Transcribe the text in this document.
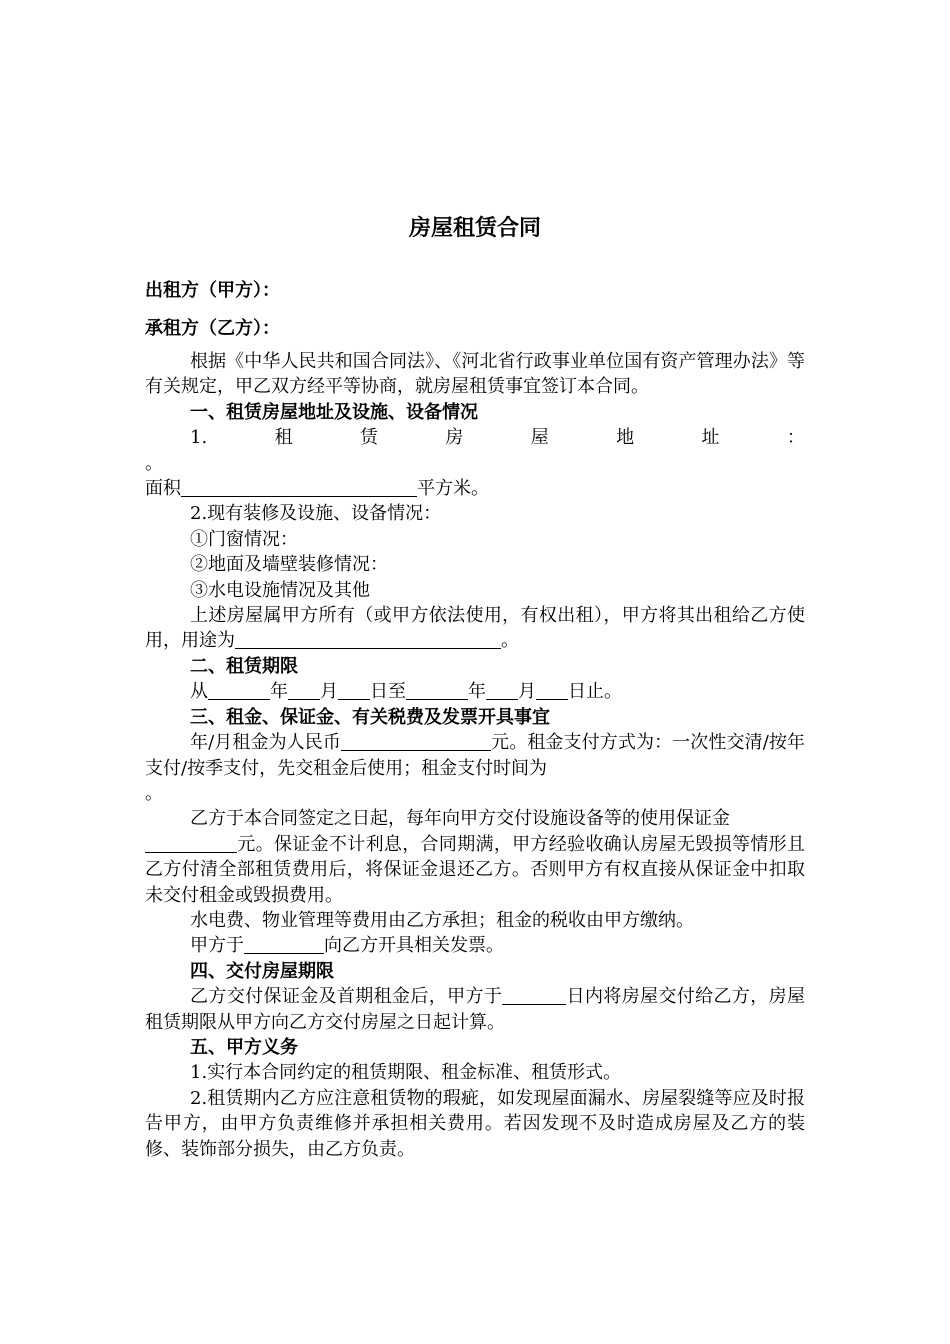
房屋租赁合同
出租方（甲方）：
承租方（乙方）：

根据《中华人民共和国合同法》、《河北省行政事业单位国有资产管理办法》等有关规定，甲乙双方经平等协商，就房屋租赁事宜签订本合同。

一、租赁房屋地址及设施、设备情况

1.	租	赁	房	屋	地	址	：

。

面积	平方米。

2.现有装修及设施、设备情况：

①门窗情况：

②地面及墙壁装修情况：

③水电设施情况及其他

上述房屋属甲方所有（或甲方依法使用，有权出租），甲方将其出租给乙方使用，用途为	。

二、租赁期限

从	年 月 日至	年 月 日止。

三、租金、保证金、有关税费及发票开具事宜

年/月租金为人民币	元。租金支付方式为：一次性交清/按年支付/按季支付，先交租金后使用；租金支付时间为

。

乙方于本合同签定之日起，每年向甲方交付设施设备等的使用保证金

元。保证金不计利息，合同期满，甲方经验收确认房屋无毁损等情形且乙方付清全部租赁费用后，将保证金退还乙方。否则甲方有权直接从保证金中扣取未交付租金或毁损费用。

水电费、物业管理等费用由乙方承担；租金的税收由甲方缴纳。

甲方于	向乙方开具相关发票。

四、交付房屋期限

乙方交付保证金及首期租金后，甲方于	日内将房屋交付给乙方，房屋租赁期限从甲方向乙方交付房屋之日起计算。

五、甲方义务

1.实行本合同约定的租赁期限、租金标准、租赁形式。

2.租赁期内乙方应注意租赁物的瑕疵，如发现屋面漏水、房屋裂缝等应及时报告甲方，由甲方负责维修并承担相关费用。若因发现不及时造成房屋及乙方的装修、装饰部分损失，由乙方负责。
